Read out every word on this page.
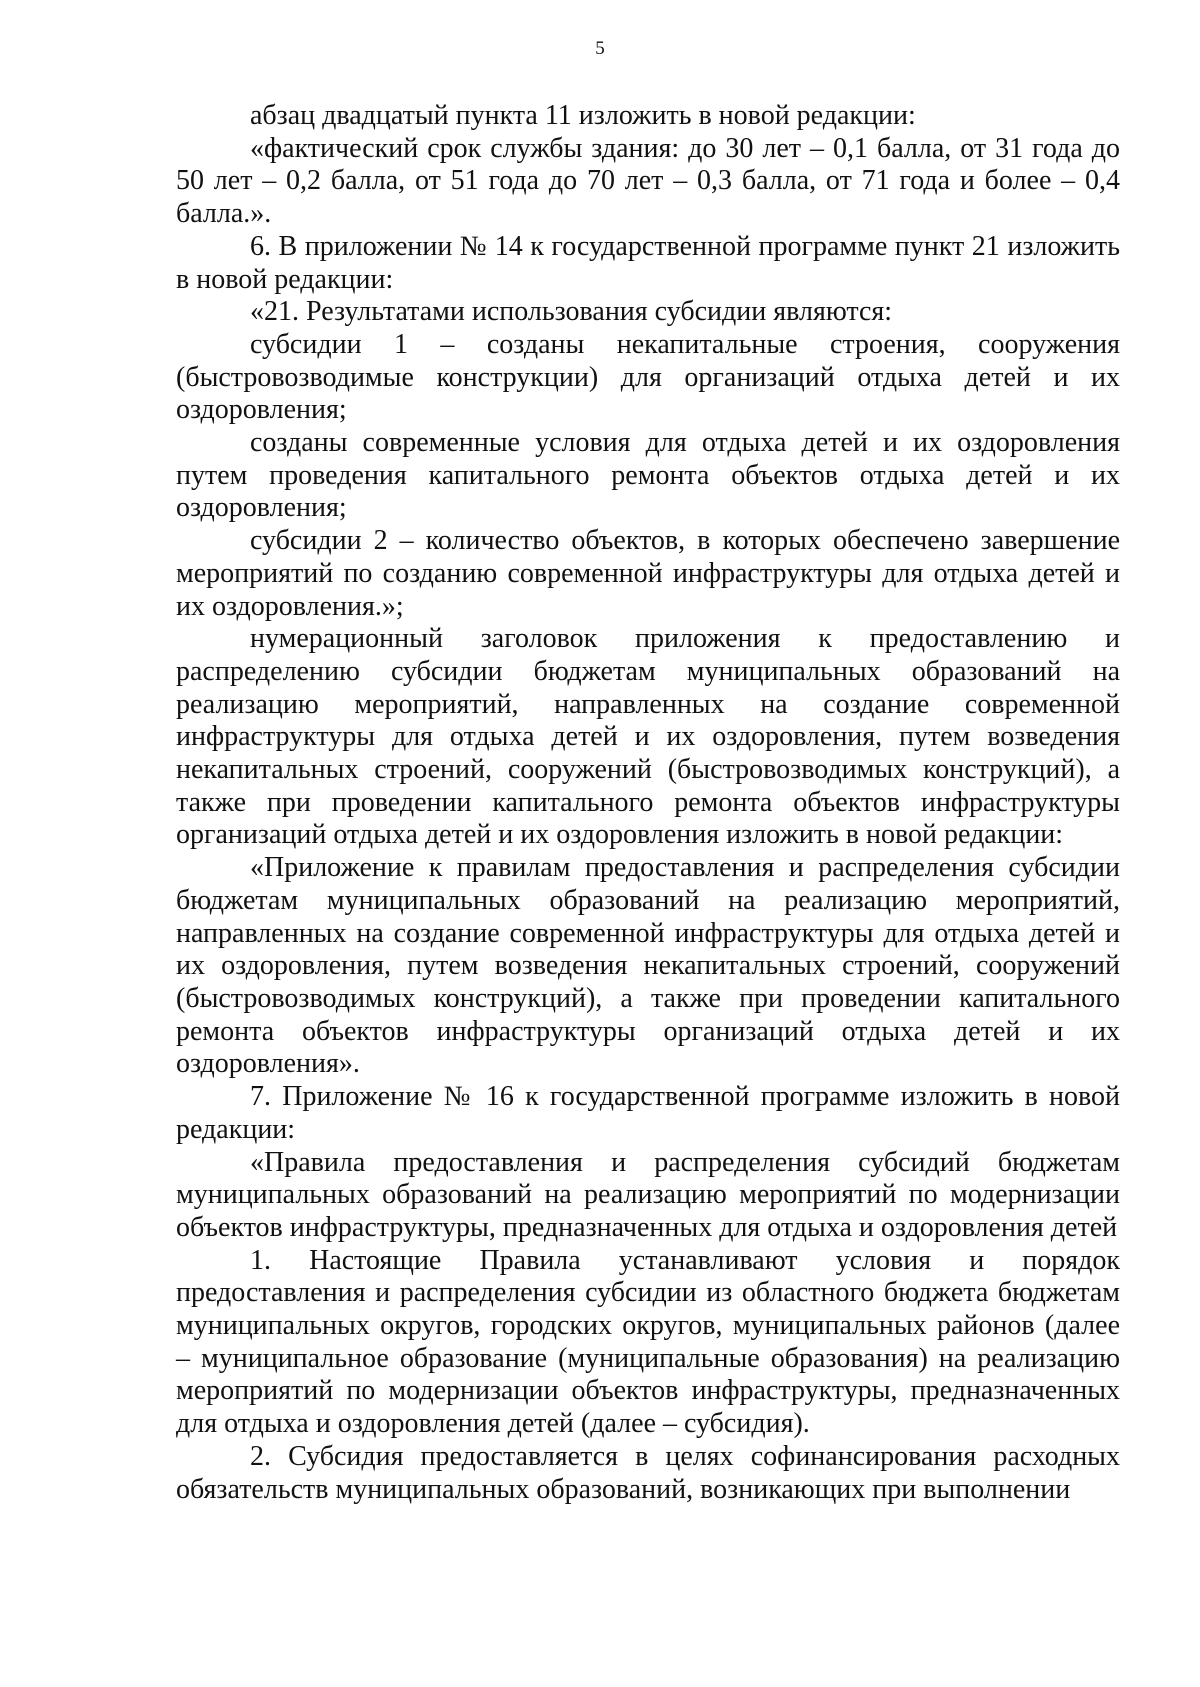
5

абзац двадцатый пункта 11 изложить в новой редакции:

«фактический срок службы здания: до 30 лет – 0,1 балла, от 31 года до 50 лет – 0,2 балла, от 51 года до 70 лет – 0,3 балла, от 71 года и более – 0,4 балла.».

6. В приложении № 14 к государственной программе пункт 21 изложить в новой редакции:

«21. Результатами использования субсидии являются:

субсидии 1 – созданы некапитальные строения, сооружения (быстровозводимые конструкции) для организаций отдыха детей и их оздоровления;

созданы современные условия для отдыха детей и их оздоровления путем проведения капитального ремонта объектов отдыха детей и их оздоровления;

субсидии 2 – количество объектов, в которых обеспечено завершение мероприятий по созданию современной инфраструктуры для отдыха детей и их оздоровления.»;

нумерационный заголовок приложения к предоставлению и распределению субсидии бюджетам муниципальных образований на реализацию мероприятий, направленных на создание современной инфраструктуры для отдыха детей и их оздоровления, путем возведения некапитальных строений, сооружений (быстровозводимых конструкций), а также при проведении капитального ремонта объектов инфраструктуры организаций отдыха детей и их оздоровления изложить в новой редакции:

«Приложение к правилам предоставления и распределения субсидии бюджетам муниципальных образований на реализацию мероприятий, направленных на создание современной инфраструктуры для отдыха детей и их оздоровления, путем возведения некапитальных строений, сооружений (быстровозводимых конструкций), а также при проведении капитального ремонта объектов инфраструктуры организаций отдыха детей и их оздоровления».

7. Приложение № 16 к государственной программе изложить в новой редакции:

«Правила предоставления и распределения субсидий бюджетам муниципальных образований на реализацию мероприятий по модернизации объектов инфраструктуры, предназначенных для отдыха и оздоровления детей

1. Настоящие Правила устанавливают условия и порядок предоставления и распределения субсидии из областного бюджета бюджетам муниципальных округов, городских округов, муниципальных районов (далее – муниципальное образование (муниципальные образования) на реализацию мероприятий по модернизации объектов инфраструктуры, предназначенных для отдыха и оздоровления детей (далее – субсидия).

2. Субсидия предоставляется в целях софинансирования расходных обязательств муниципальных образований, возникающих при выполнении
